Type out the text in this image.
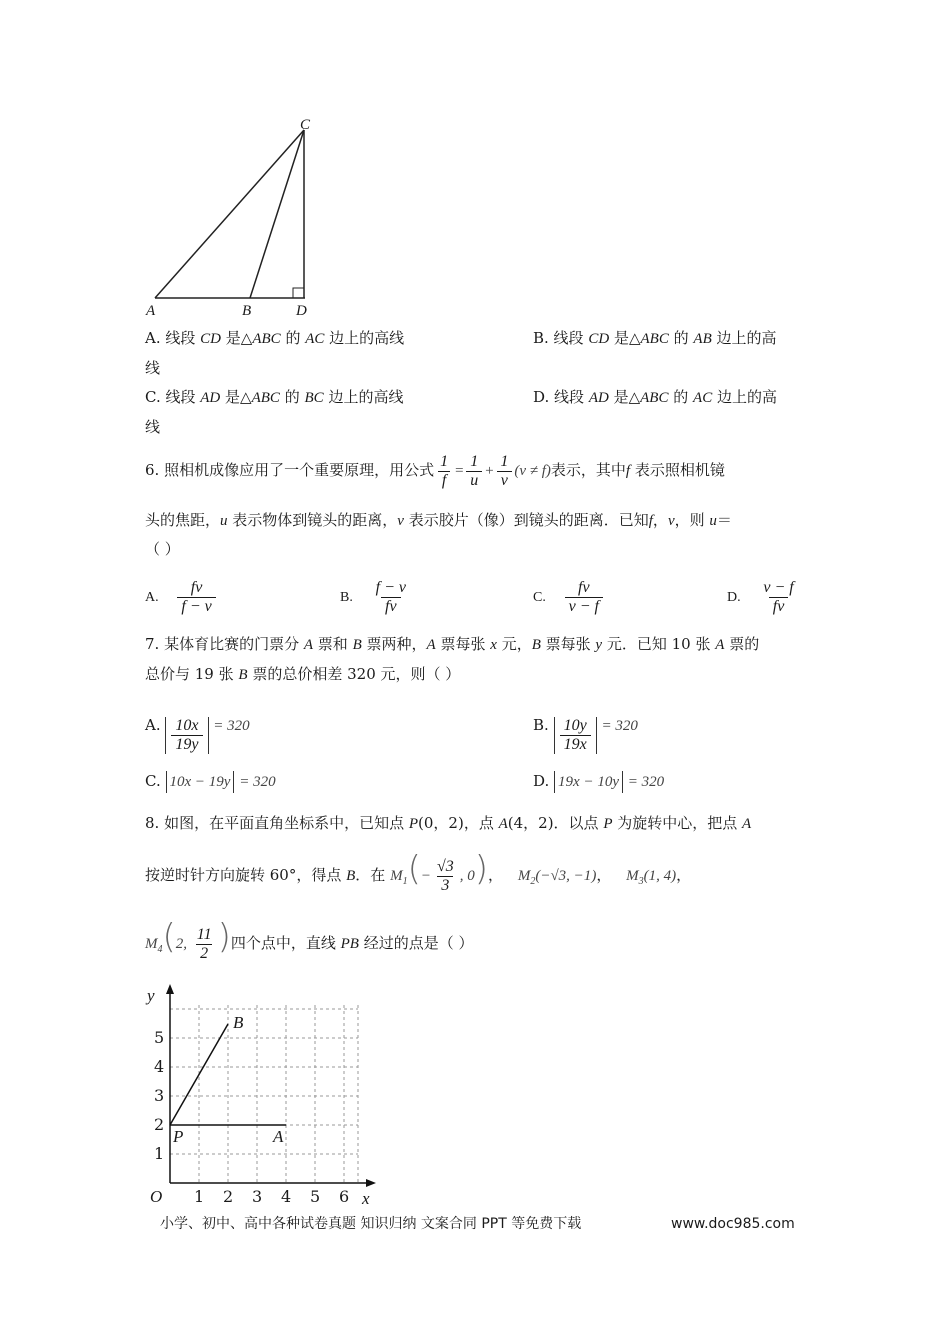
C
A	B	D
A. 线段 CD 是△ABC 的 AC 边上的高线	B. 线段 CD 是△ABC 的 AB 边上的高
线
C. 线段 AD 是△ABC 的 BC 边上的高线	D. 线段 AD 是△ABC 的 AC 边上的高
线
6. 照相机成像应用了一个重要原理，用公式 $\frac{1}{f} = \frac{1}{u} + \frac{1}{v} (v \ne f)$表示，其中f 表示照相机镜
头的焦距，u 表示物体到镜头的距离，v 表示胶片（像）到镜头的距离．已知f，v，则 u＝
（ ）
A. $\frac{fv}{f - v}$	B. $\frac{f - v}{fv}$	C. $\frac{fv}{v - f}$	D. $\frac{v - f}{fv}$
7. 某体育比赛的门票分 A 票和 B 票两种，A 票每张 x 元，B 票每张 y 元．已知 10 张 A 票的
总价与 19 张 B 票的总价相差 320 元，则（ ）
A. $\frac{10x}{19y} = 320$	B. $\frac{10y}{19x} = 320$
C. 10x − 19y = 320	D. 19x − 10y = 320
8. 如图，在平面直角坐标系中，已知点 P(0，2)，点 A(4，2)．以点 P 为旋转中心，把点 A
按逆时针方向旋转 60°，得点 B．在 $M_1(- \frac{√3}{3}$ , 0)， $M_2(-√3$, −1)， $M_3(1$, 4)，
$M_4(2$, $\frac{11}{2}$ )四个点中，直线 PB 经过的点是（ ）
y
x
O 1 2 3 4 5 6
1
2
3
4
5
P	A
B
小学、初中、高中各种试卷真题 知识归纳 文案合同 PPT 等免费下载	www.doc985.com
